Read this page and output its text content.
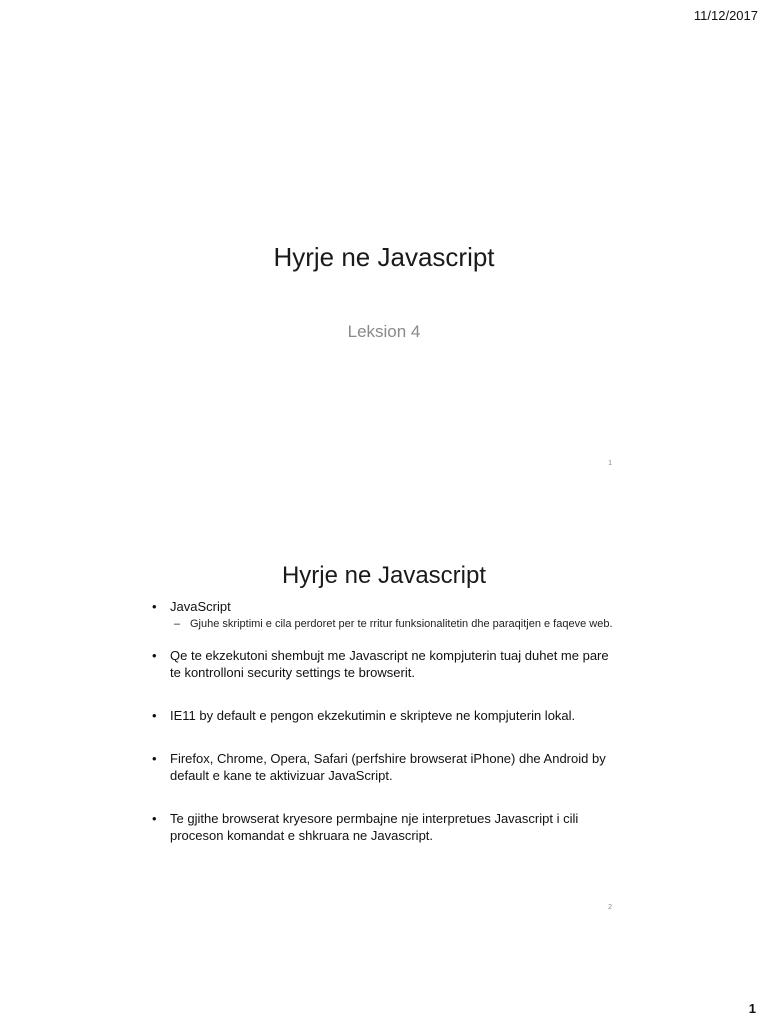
11/12/2017
Hyrje ne Javascript
Leksion 4
1
Hyrje ne Javascript
• JavaScript
– Gjuhe skriptimi e cila perdoret per te rritur funksionalitetin dhe paraqitjen e faqeve web.
• Qe te ekzekutoni shembujt me Javascript ne kompjuterin tuaj duhet me pare te kontrolloni security settings te browserit.
• IE11 by default e pengon ekzekutimin e skripteve ne kompjuterin lokal.
• Firefox, Chrome, Opera, Safari (perfshire browserat iPhone) dhe Android by default e kane te aktivizuar JavaScript.
• Te gjithe browserat kryesore permbajne nje interpretues Javascript i cili proceson komandat e shkruara ne Javascript.
2
1
